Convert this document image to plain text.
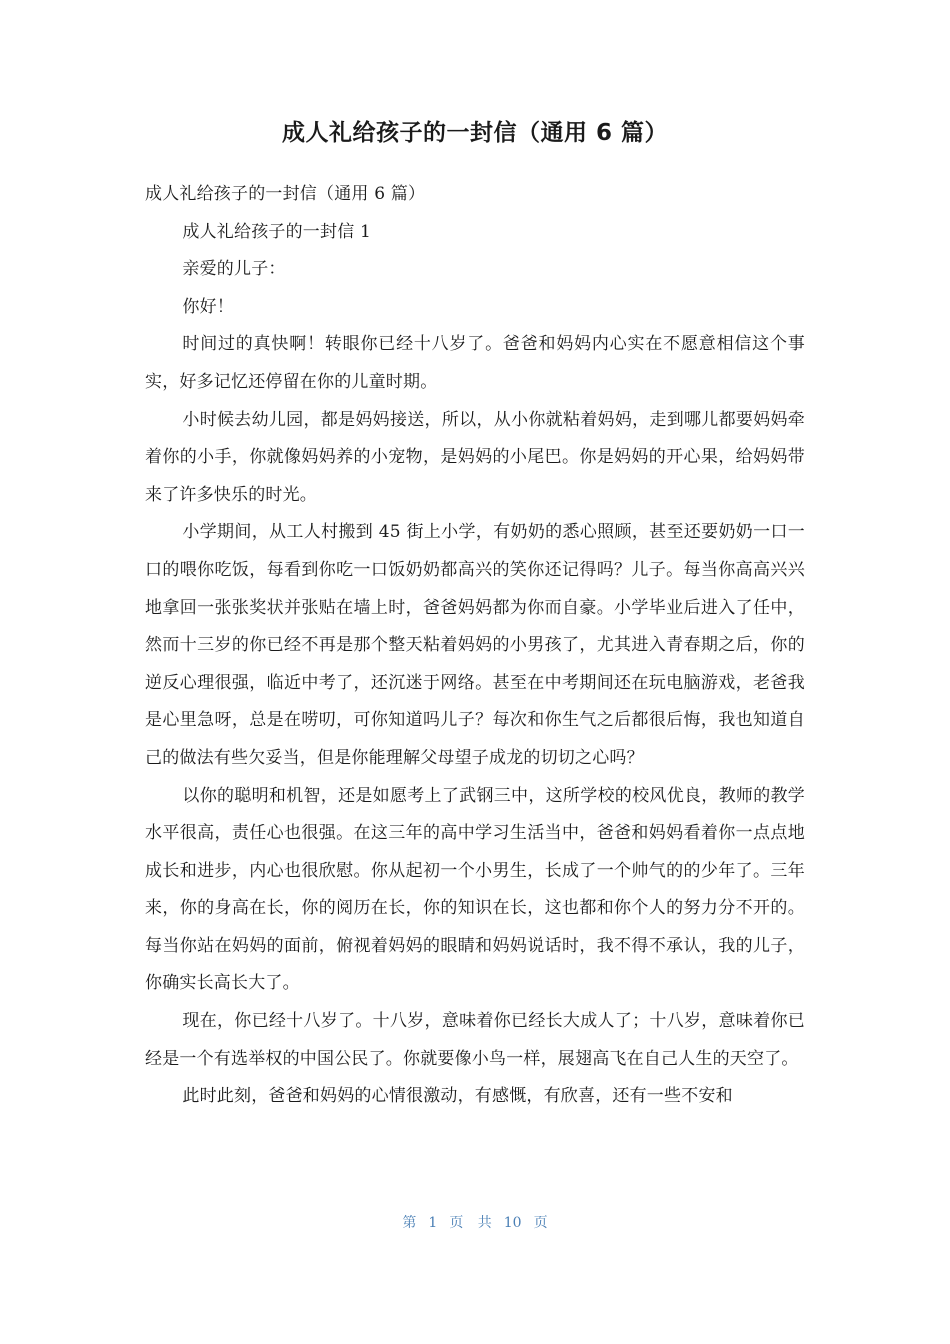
成人礼给孩子的一封信（通用 6 篇）

成人礼给孩子的一封信（通用 6 篇）

成人礼给孩子的一封信 1

亲爱的儿子：

你好！

时间过的真快啊！转眼你已经十八岁了。爸爸和妈妈内心实在不愿意相信这个事实，好多记忆还停留在你的儿童时期。

小时候去幼儿园，都是妈妈接送，所以，从小你就粘着妈妈，走到哪儿都要妈妈牵着你的小手，你就像妈妈养的小宠物，是妈妈的小尾巴。你是妈妈的开心果，给妈妈带来了许多快乐的时光。

小学期间，从工人村搬到 45 街上小学，有奶奶的悉心照顾，甚至还要奶奶一口一口的喂你吃饭，每看到你吃一口饭奶奶都高兴的笑你还记得吗？儿子。每当你高高兴兴地拿回一张张奖状并张贴在墙上时，爸爸妈妈都为你而自豪。小学毕业后进入了任中，然而十三岁的你已经不再是那个整天粘着妈妈的小男孩了，尤其进入青春期之后，你的逆反心理很强，临近中考了，还沉迷于网络。甚至在中考期间还在玩电脑游戏，老爸我是心里急呀，总是在唠叨，可你知道吗儿子？每次和你生气之后都很后悔，我也知道自己的做法有些欠妥当，但是你能理解父母望子成龙的切切之心吗？

以你的聪明和机智，还是如愿考上了武钢三中，这所学校的校风优良，教师的教学水平很高，责任心也很强。在这三年的高中学习生活当中，爸爸和妈妈看着你一点点地成长和进步，内心也很欣慰。你从起初一个小男生，长成了一个帅气的的少年了。三年来，你的身高在长，你的阅历在长，你的知识在长，这也都和你个人的努力分不开的。每当你站在妈妈的面前，俯视着妈妈的眼睛和妈妈说话时，我不得不承认，我的儿子，你确实长高长大了。

现在，你已经十八岁了。十八岁，意味着你已经长大成人了；十八岁，意味着你已经是一个有选举权的中国公民了。你就要像小鸟一样，展翅高飞在自己人生的天空了。

此时此刻，爸爸和妈妈的心情很激动，有感慨，有欣喜，还有一些不安和

第 1 页 共 10 页
